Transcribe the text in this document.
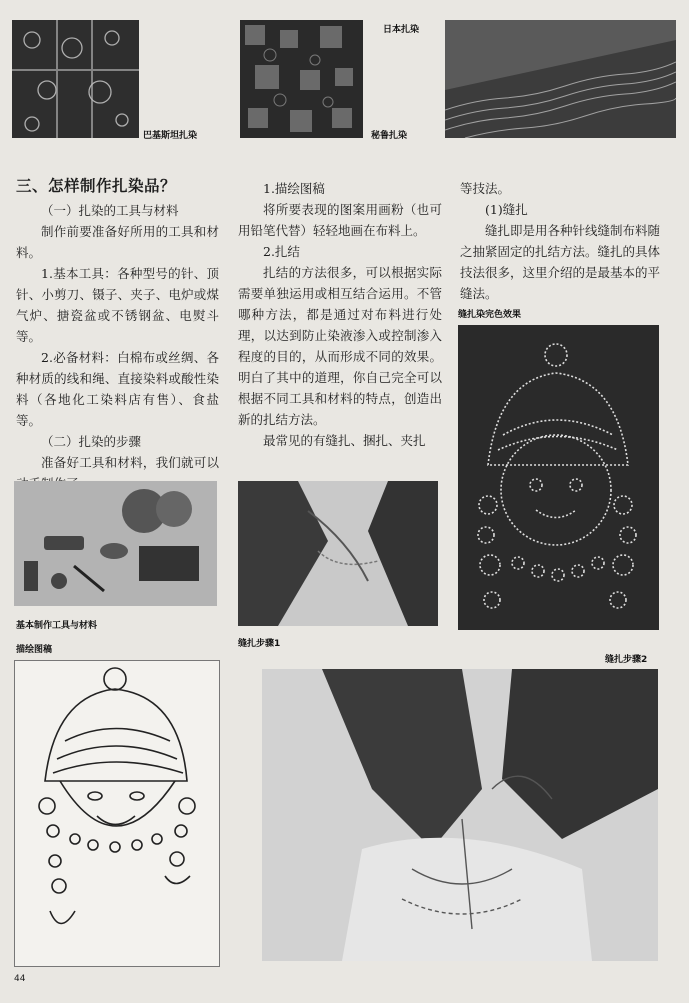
巴基斯坦扎染	秘鲁扎染
日本扎染
三、怎样制作扎染品？

（一）扎染的工具与材料

制作前要准备好所用的工具和材料。

1.基本工具：各种型号的针、顶针、小剪刀、镊子、夹子、电炉或煤气炉、搪瓷盆或不锈钢盆、电熨斗等。

2.必备材料：白棉布或丝绸、各种材质的线和绳、直接染料或酸性染料（各地化工染料店有售）、食盐等。

（二）扎染的步骤

准备好工具和材料，我们就可以

1.描绘图稿

将所要表现的图案用画粉（也可用铅笔代替）轻轻地画在布料上。

2.扎结

扎结的方法很多，可以根据实际需要单独运用或相互结合运用。不管哪种方法，都是通过对布料进行处理，以达到防止染液渗入或控制渗入程度的目的，从而形成不同的效果。明白了其中的道理，你自己完全可以根据不同工具和材料的特点，创造出新的扎结方法。

最常见的有缝扎、捆扎、夹扎

等技法。

(1)缝扎

缝扎即是用各种针线缝制布料随之抽紧固定的扎结方法。缝扎的具体技法很多，这里介绍的是最基本的平缝法。

缝扎染完色效果
基本制作工具与材料
描绘图稿
缝扎步骤1
缝扎步骤2
44
